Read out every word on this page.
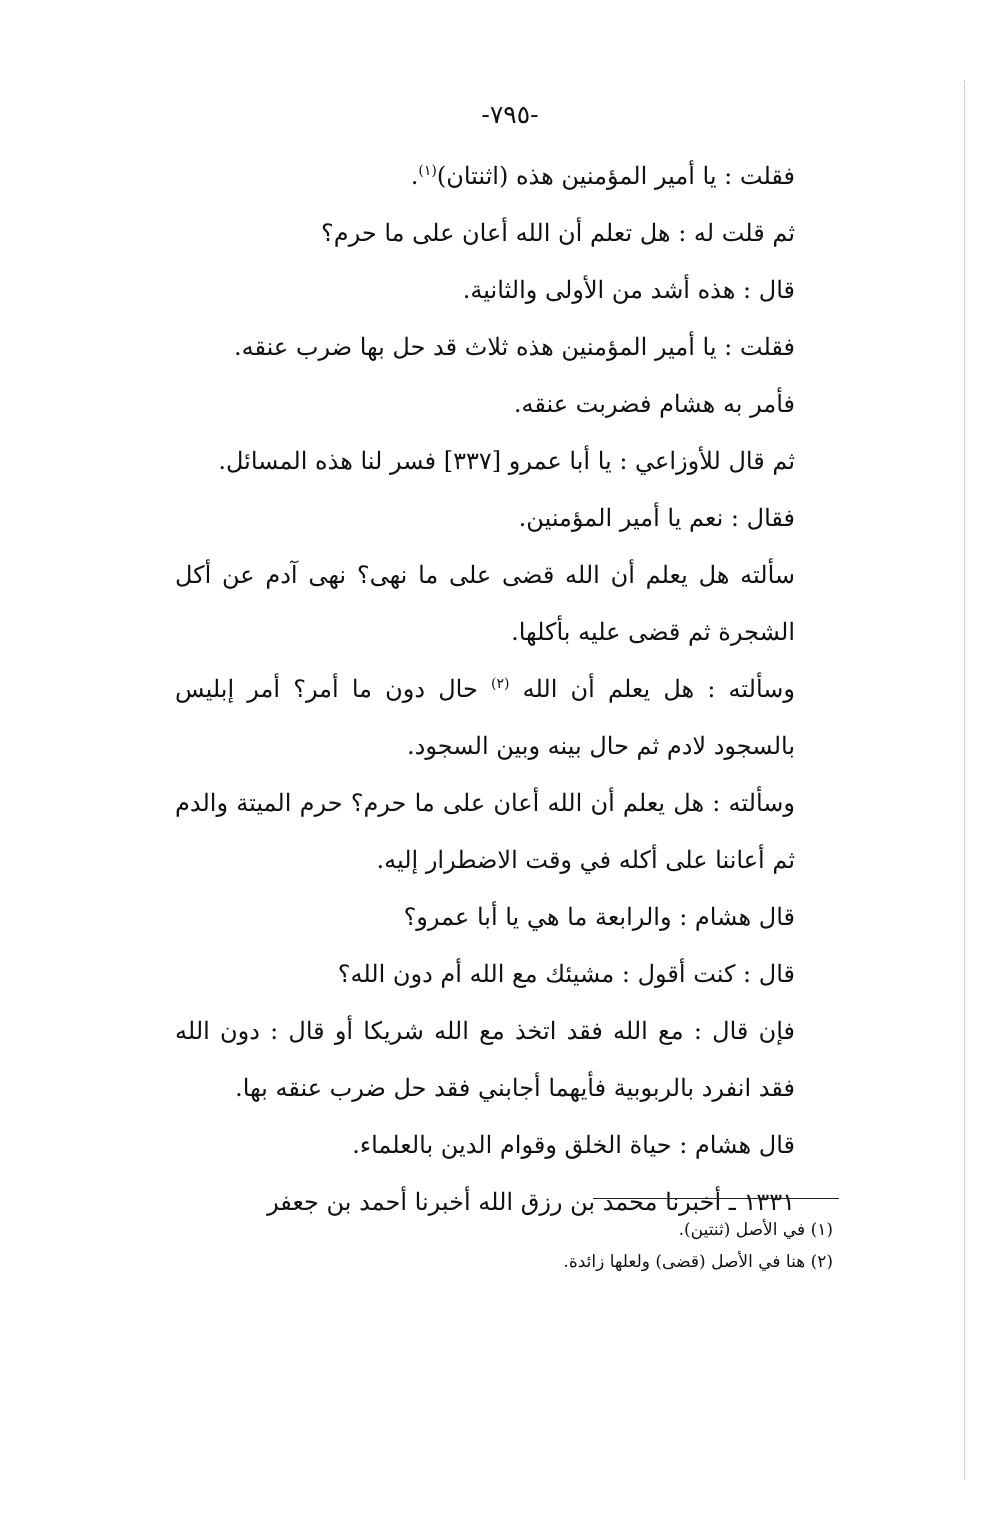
-٧٩٥-

فقلت : يا أمير المؤمنين هذه (اثنتان)$^{(١)}$.

ثم قلت له : هل تعلم أن الله أعان على ما حرم؟

قال : هذه أشد من الأولى والثانية.

فقلت : يا أمير المؤمنين هذه ثلاث قد حل بها ضرب عنقه.

فأمر به هشام فضربت عنقه.

ثم قال للأوزاعي : يا أبا عمرو [٣٣٧] فسر لنا هذه المسائل.

فقال : نعم يا أمير المؤمنين.

سألته هل يعلم أن الله قضى على ما نهى؟ نهى آدم عن أكل الشجرة ثم قضى عليه بأكلها.

وسألته : هل يعلم أن الله $^{(٢)}$ حال دون ما أمر؟ أمر إبليس بالسجود لادم ثم حال بينه وبين السجود.

وسألته : هل يعلم أن الله أعان على ما حرم؟ حرم الميتة والدم ثم أعاننا على أكله في وقت الاضطرار إليه.

قال هشام : والرابعة ما هي يا أبا عمرو؟

قال : كنت أقول : مشيئك مع الله أم دون الله؟

فإن قال : مع الله فقد اتخذ مع الله شريكا أو قال : دون الله فقد انفرد بالربوبية فأيهما أجابني فقد حل ضرب عنقه بها.

قال هشام : حياة الخلق وقوام الدين بالعلماء.

١٣٣١ ـ أخبرنا محمد بن رزق الله أخبرنا أحمد بن جعفر

(١) في الأصل (ثنتين).

(٢) هنا في الأصل (قضى) ولعلها زائدة.
